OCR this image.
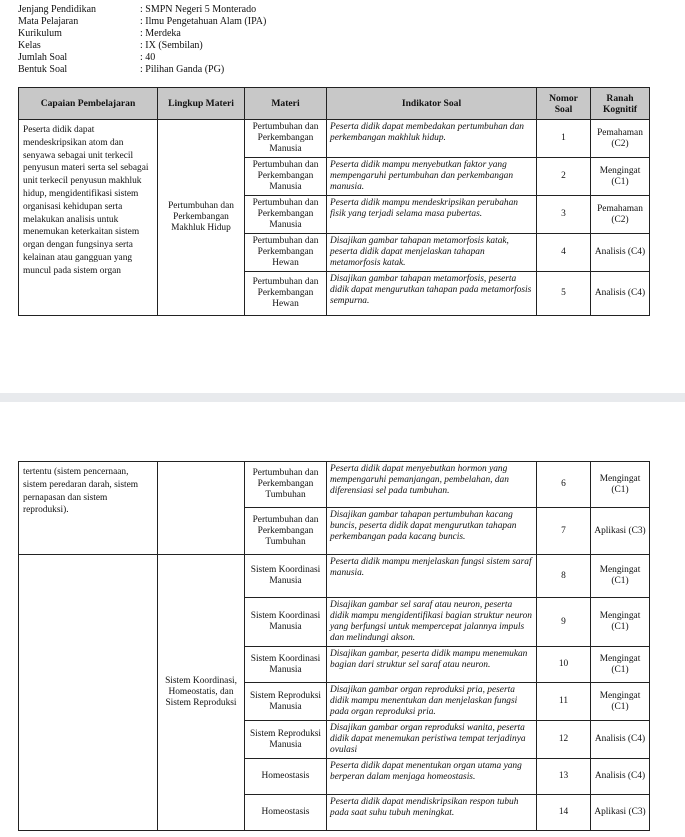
Jenjang Pendidikan	: SMPN Negeri 5 Monterado
Mata Pelajaran	: Ilmu Pengetahuan Alam (IPA)
Kurikulum	: Merdeka
Kelas	: IX (Sembilan)
Jumlah Soal	: 40
Bentuk Soal	: Pilihan Ganda (PG)
Capaian Pembelajaran	Lingkup Materi	Materi	Indikator Soal	Nomor Soal	Ranah Kognitif
Peserta didik dapat mendeskripsikan atom dan senyawa sebagai unit terkecil penyusun materi serta sel sebagai unit terkecil penyusun makhluk hidup, mengidentifikasi sistem organisasi kehidupan serta melakukan analisis untuk menemukan keterkaitan sistem organ dengan fungsinya serta kelainan atau gangguan yang muncul pada sistem organ	Pertumbuhan dan Perkembangan Makhluk Hidup	Pertumbuhan dan Perkembangan Manusia	Peserta didik dapat membedakan pertumbuhan dan perkembangan makhluk hidup.	1	Pemahaman (C2)
		Pertumbuhan dan Perkembangan Manusia	Peserta didik mampu menyebutkan faktor yang mempengaruhi pertumbuhan dan perkembangan manusia.	2	Mengingat (C1)
		Pertumbuhan dan Perkembangan Manusia	Peserta didik mampu mendeskripsikan perubahan fisik yang terjadi selama masa pubertas.	3	Pemahaman (C2)
		Pertumbuhan dan Perkembangan Hewan	Disajikan gambar tahapan metamorfosis katak, peserta didik dapat menjelaskan tahapan metamorfosis katak.	4	Analisis (C4)
		Pertumbuhan dan Perkembangan Hewan	Disajikan gambar tahapan metamorfosis, peserta didik dapat mengurutkan tahapan pada metamorfosis sempurna.	5	Analisis (C4)
tertentu (sistem pencernaan, sistem peredaran darah, sistem pernapasan dan sistem reproduksi).		Pertumbuhan dan Perkembangan Tumbuhan	Peserta didik dapat menyebutkan hormon yang mempengaruhi pemanjangan, pembelahan, dan diferensiasi sel pada tumbuhan.	6	Mengingat (C1)
		Pertumbuhan dan Perkembangan Tumbuhan	Disajikan gambar tahapan pertumbuhan kacang buncis, peserta didik dapat mengurutkan tahapan perkembangan pada kacang buncis.	7	Aplikasi (C3)
	Sistem Koordinasi, Homeostatis, dan Sistem Reproduksi	Sistem Koordinasi Manusia	Peserta didik mampu menjelaskan fungsi sistem saraf manusia.	8	Mengingat (C1)
		Sistem Koordinasi Manusia	Disajikan gambar sel saraf atau neuron, peserta didik mampu mengidentifikasi bagian struktur neuron yang berfungsi untuk mempercepat jalannya impuls dan melindungi akson.	9	Mengingat (C1)
		Sistem Koordinasi Manusia	Disajikan gambar, peserta didik mampu menemukan bagian dari struktur sel saraf atau neuron.	10	Mengingat (C1)
		Sistem Reproduksi Manusia	Disajikan gambar organ reproduksi pria, peserta didik mampu menentukan dan menjelaskan fungsi pada organ reproduksi pria.	11	Mengingat (C1)
		Sistem Reproduksi Manusia	Disajikan gambar organ reproduksi wanita, peserta didik dapat menemukan peristiwa tempat terjadinya ovulasi	12	Analisis (C4)
		Homeostasis	Peserta didik dapat menentukan organ utama yang berperan dalam menjaga homeostasis.	13	Analisis (C4)
		Homeostasis	Peserta didik dapat mendiskripsikan respon tubuh pada saat suhu tubuh meningkat.	14	Aplikasi (C3)
